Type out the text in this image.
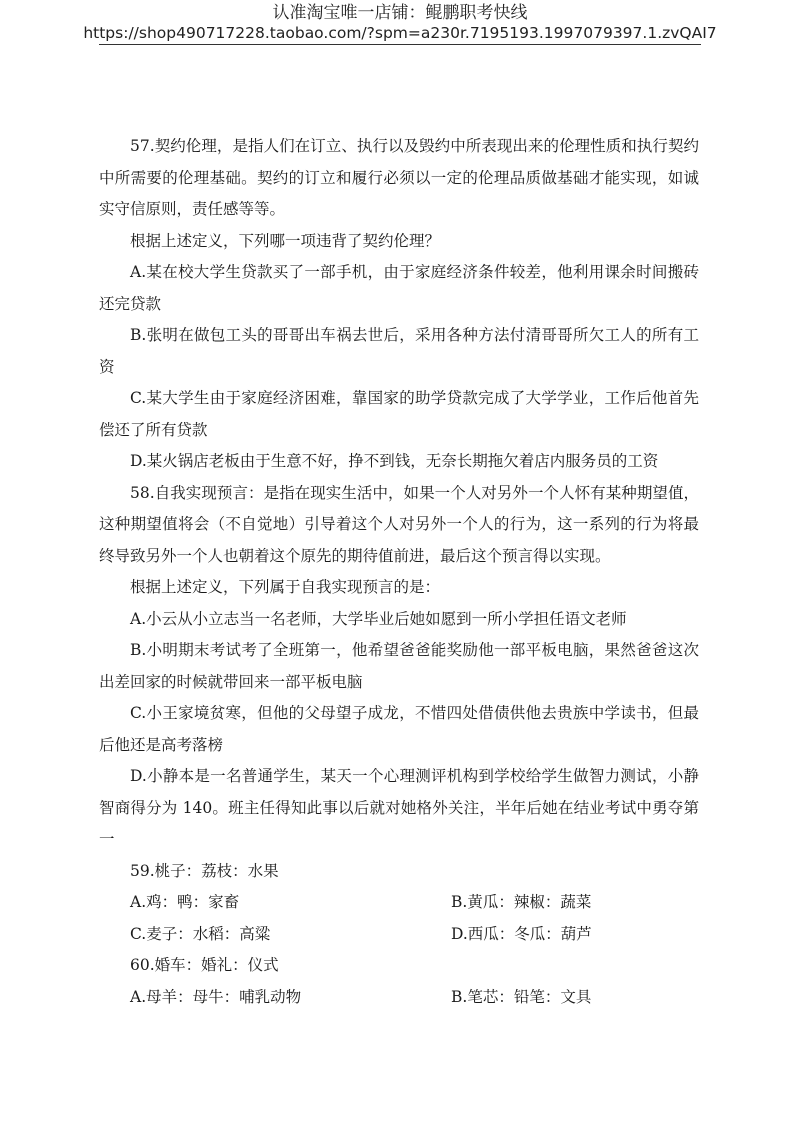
认准淘宝唯一店铺：鲲鹏职考快线
https://shop490717228.taobao.com/?spm=a230r.7195193.1997079397.1.zvQAI7

57.契约伦理，是指人们在订立、执行以及毁约中所表现出来的伦理性质和执行契约中所需要的伦理基础。契约的订立和履行必须以一定的伦理品质做基础才能实现，如诚实守信原则，责任感等等。

根据上述定义，下列哪一项违背了契约伦理？

A.某在校大学生贷款买了一部手机，由于家庭经济条件较差，他利用课余时间搬砖还完贷款

B.张明在做包工头的哥哥出车祸去世后，采用各种方法付清哥哥所欠工人的所有工资

C.某大学生由于家庭经济困难，靠国家的助学贷款完成了大学学业，工作后他首先偿还了所有贷款

D.某火锅店老板由于生意不好，挣不到钱，无奈长期拖欠着店内服务员的工资

58.自我实现预言：是指在现实生活中，如果一个人对另外一个人怀有某种期望值，这种期望值将会（不自觉地）引导着这个人对另外一个人的行为，这一系列的行为将最终导致另外一个人也朝着这个原先的期待值前进，最后这个预言得以实现。

根据上述定义，下列属于自我实现预言的是：

A.小云从小立志当一名老师，大学毕业后她如愿到一所小学担任语文老师

B.小明期末考试考了全班第一，他希望爸爸能奖励他一部平板电脑，果然爸爸这次出差回家的时候就带回来一部平板电脑

C.小王家境贫寒，但他的父母望子成龙，不惜四处借债供他去贵族中学读书，但最后他还是高考落榜

D.小静本是一名普通学生，某天一个心理测评机构到学校给学生做智力测试，小静智商得分为 140。班主任得知此事以后就对她格外关注，半年后她在结业考试中勇夺第一

59.桃子：荔枝：水果

A.鸡：鸭：家畜	B.黄瓜：辣椒：蔬菜

C.麦子：水稻：高粱	D.西瓜：冬瓜：葫芦

60.婚车：婚礼：仪式

A.母羊：母牛：哺乳动物	B.笔芯：铅笔：文具
